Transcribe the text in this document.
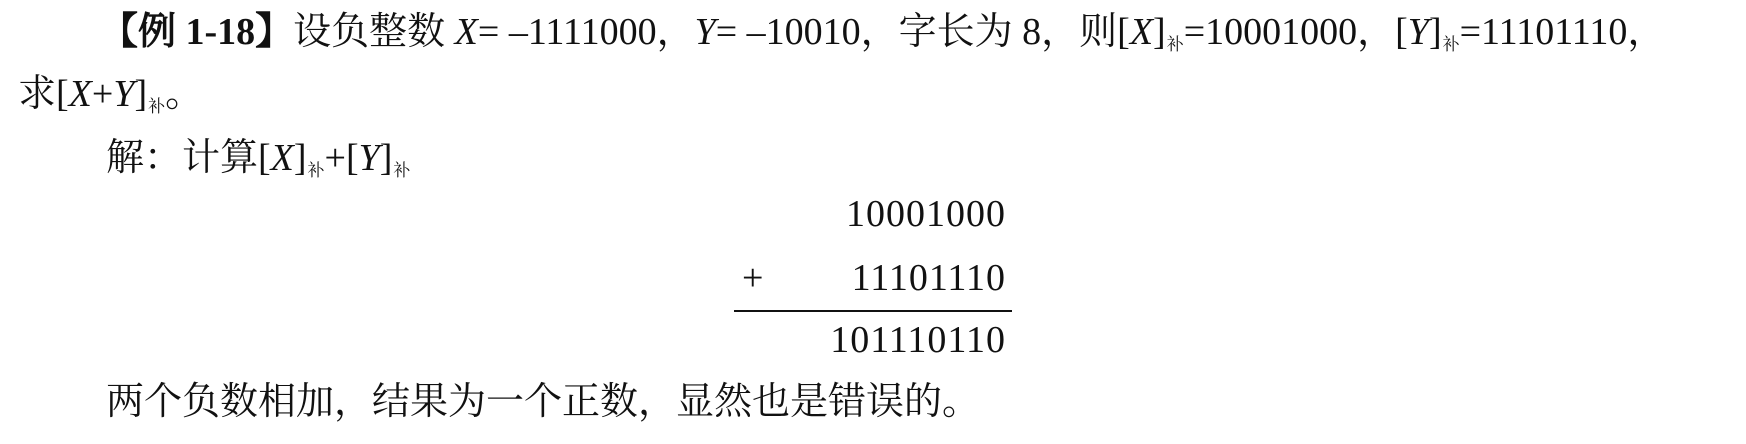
【例 1-18】设负整数 X= –1111000，Y= –10010，字长为 8，则$[X]_补=10001000$，$[Y]_补=11101110$，
求$[X+Y]_补$。
解：计算$[X]_补+[Y]_补$
10001000
+ 11101110
101110110
两个负数相加，结果为一个正数，显然也是错误的。
